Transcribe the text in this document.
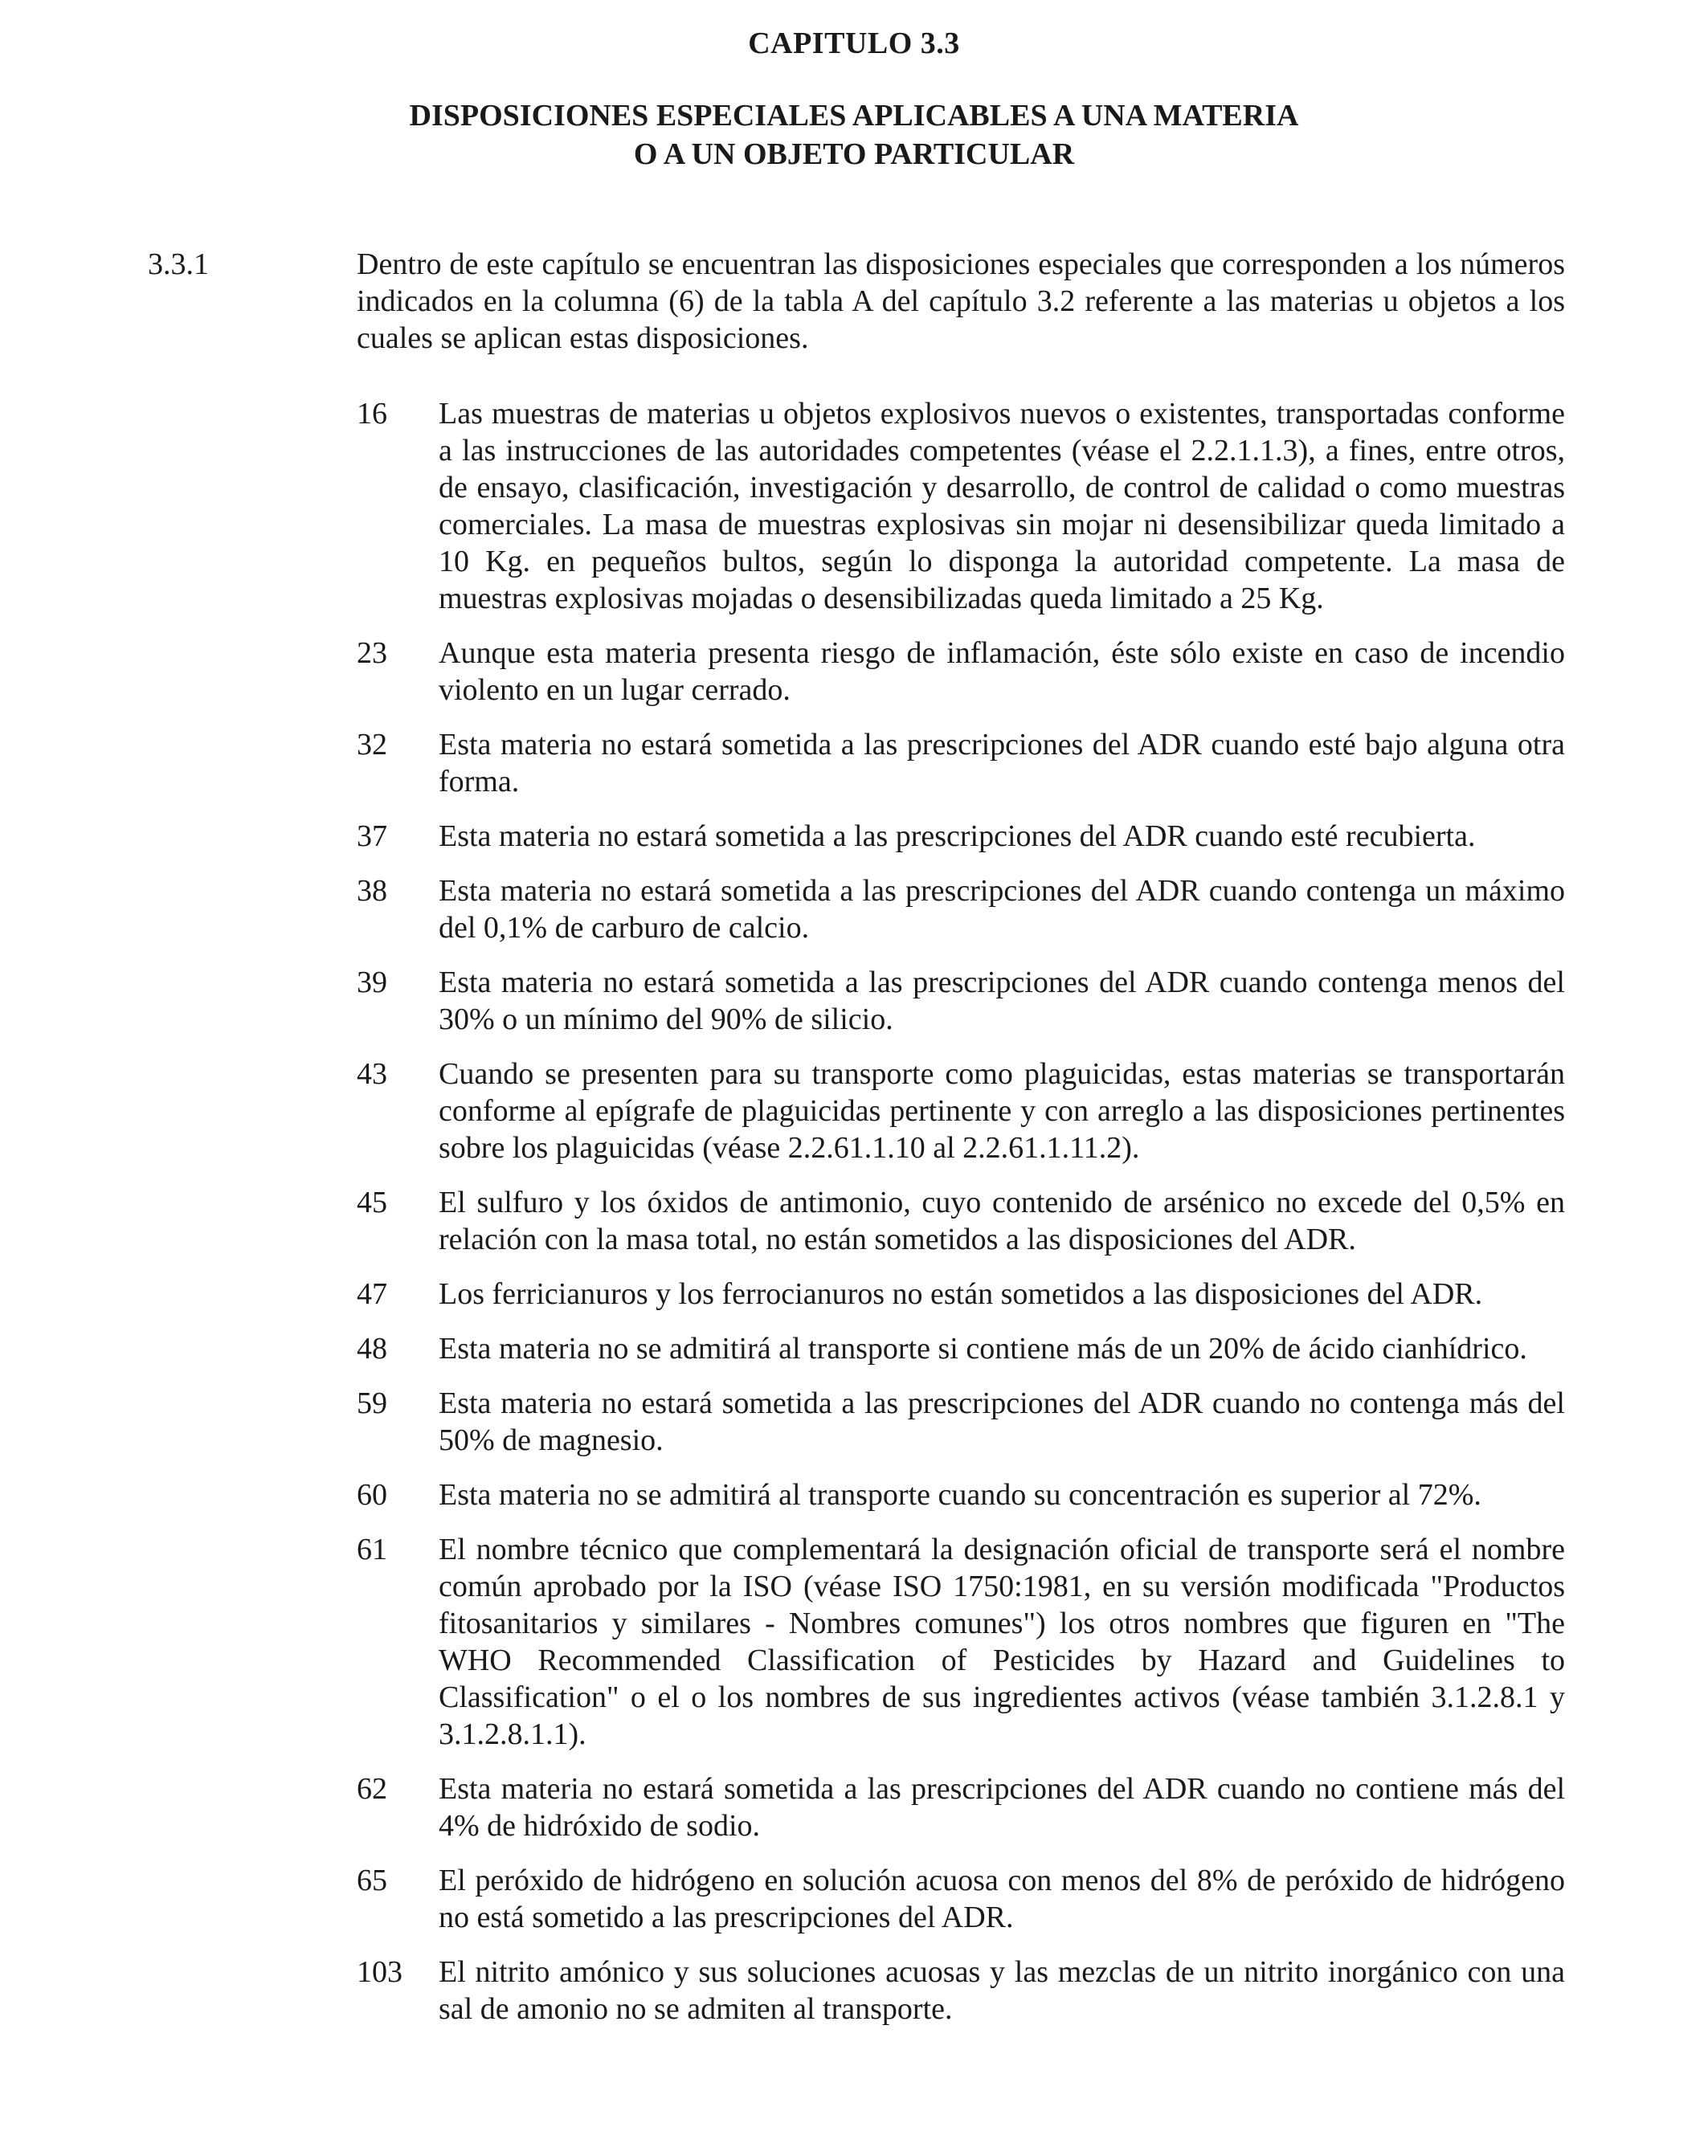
CAPITULO 3.3
DISPOSICIONES ESPECIALES APLICABLES A UNA MATERIA
O A UN OBJETO PARTICULAR
3.3.1	Dentro de este capítulo se encuentran las disposiciones especiales que corresponden a los números indicados en la columna (6) de la tabla A del capítulo 3.2 referente a las materias u objetos a los cuales se aplican estas disposiciones.
16	Las muestras de materias u objetos explosivos nuevos o existentes, transportadas conforme a las instrucciones de las autoridades competentes (véase el 2.2.1.1.3), a fines, entre otros, de ensayo, clasificación, investigación y desarrollo, de control de calidad o como muestras comerciales. La masa de muestras explosivas sin mojar ni desensibilizar queda limitado a 10 Kg. en pequeños bultos, según lo disponga la autoridad competente. La masa de muestras explosivas mojadas o desensibilizadas queda limitado a 25 Kg.
23	Aunque esta materia presenta riesgo de inflamación, éste sólo existe en caso de incendio violento en un lugar cerrado.
32	Esta materia no estará sometida a las prescripciones del ADR cuando esté bajo alguna otra forma.
37	Esta materia no estará sometida a las prescripciones del ADR cuando esté recubierta.
38	Esta materia no estará sometida a las prescripciones del ADR cuando contenga un máximo del 0,1% de carburo de calcio.
39	Esta materia no estará sometida a las prescripciones del ADR cuando contenga menos del 30% o un mínimo del 90% de silicio.
43	Cuando se presenten para su transporte como plaguicidas, estas materias se transportarán conforme al epígrafe de plaguicidas pertinente y con arreglo a las disposiciones pertinentes sobre los plaguicidas (véase 2.2.61.1.10 al 2.2.61.1.11.2).
45	El sulfuro y los óxidos de antimonio, cuyo contenido de arsénico no excede del 0,5% en relación con la masa total, no están sometidos a las disposiciones del ADR.
47	Los ferricianuros y los ferrocianuros no están sometidos a las disposiciones del ADR.
48	Esta materia no se admitirá al transporte si contiene más de un 20% de ácido cianhídrico.
59	Esta materia no estará sometida a las prescripciones del ADR cuando no contenga más del 50% de magnesio.
60	Esta materia no se admitirá al transporte cuando su concentración es superior al 72%.
61	El nombre técnico que complementará la designación oficial de transporte será el nombre común aprobado por la ISO (véase ISO 1750:1981, en su versión modificada "Productos fitosanitarios y similares - Nombres comunes") los otros nombres que figuren en "The WHO Recommended Classification of Pesticides by Hazard and Guidelines to Classification" o el o los nombres de sus ingredientes activos (véase también 3.1.2.8.1 y 3.1.2.8.1.1).
62	Esta materia no estará sometida a las prescripciones del ADR cuando no contiene más del 4% de hidróxido de sodio.
65	El peróxido de hidrógeno en solución acuosa con menos del 8% de peróxido de hidrógeno no está sometido a las prescripciones del ADR.
103	El nitrito amónico y sus soluciones acuosas y las mezclas de un nitrito inorgánico con una sal de amonio no se admiten al transporte.
